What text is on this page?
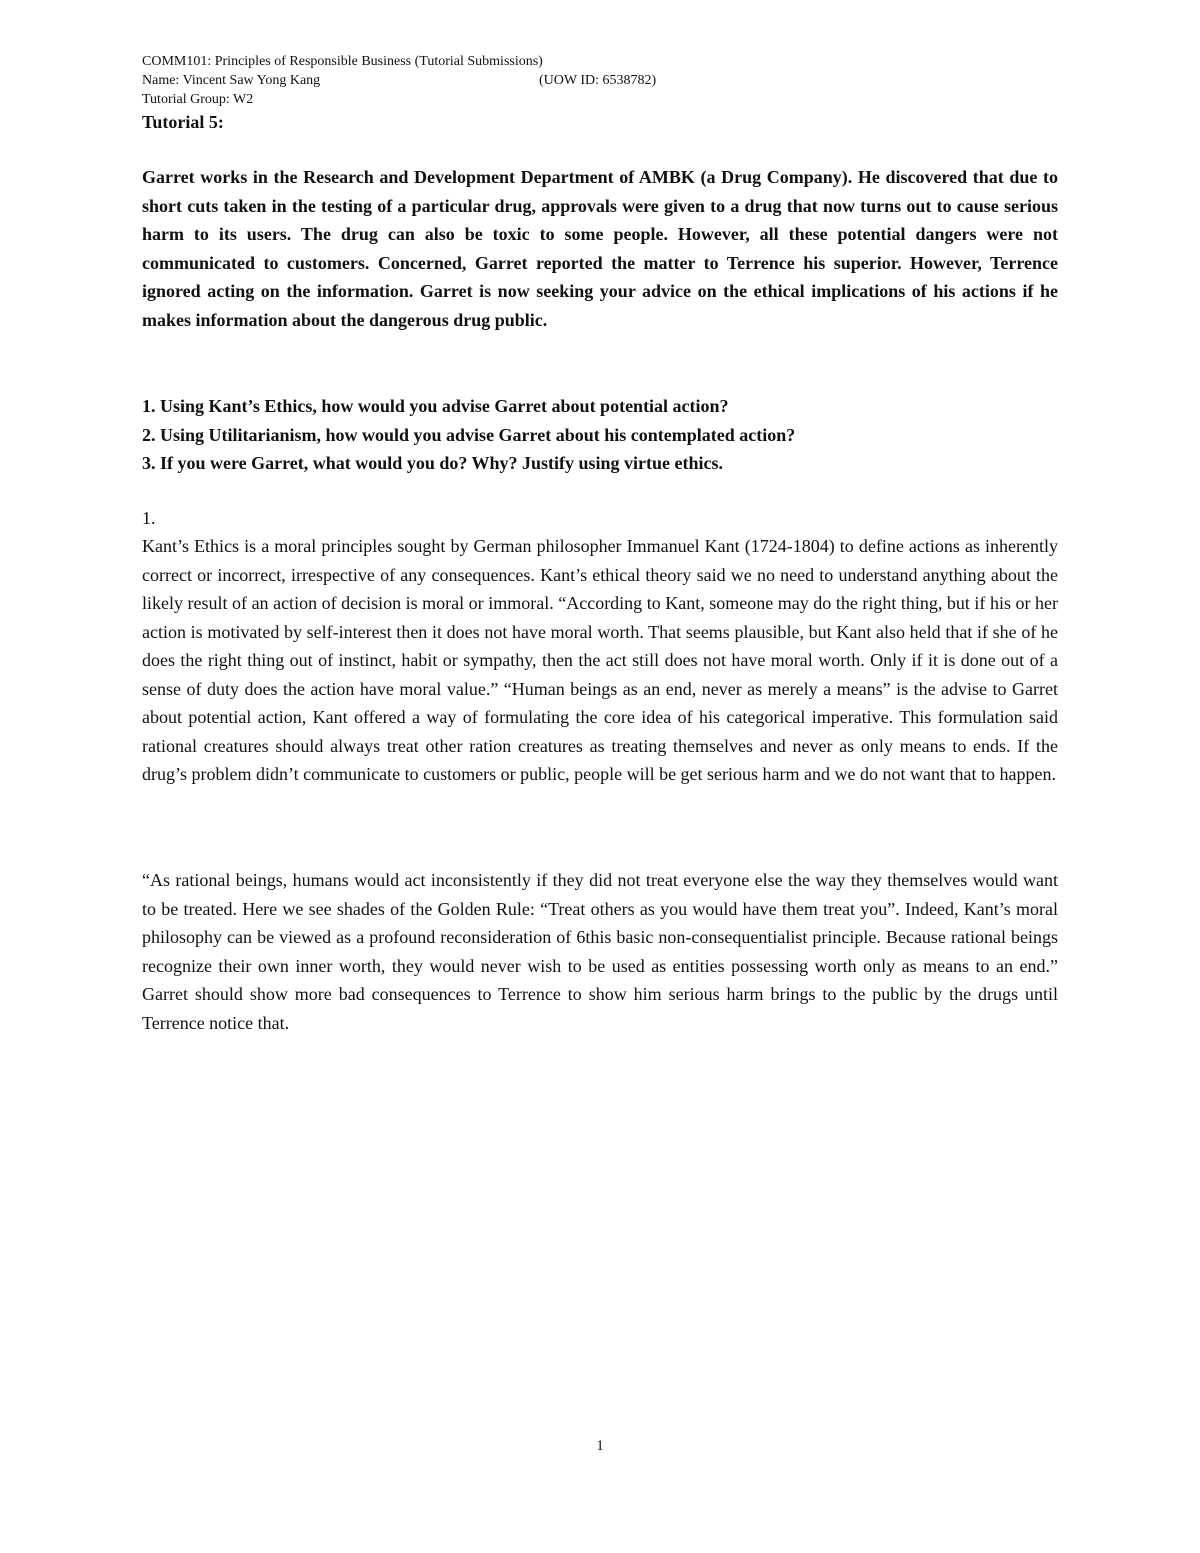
COMM101: Principles of Responsible Business (Tutorial Submissions)
Name: Vincent Saw Yong Kang	(UOW ID: 6538782)
Tutorial Group: W2
Tutorial 5:
Garret works in the Research and Development Department of AMBK (a Drug Company). He discovered that due to short cuts taken in the testing of a particular drug, approvals were given to a drug that now turns out to cause serious harm to its users. The drug can also be toxic to some people. However, all these potential dangers were not communicated to customers. Concerned, Garret reported the matter to Terrence his superior. However, Terrence ignored acting on the information. Garret is now seeking your advice on the ethical implications of his actions if he makes information about the dangerous drug public.
1. Using Kant’s Ethics, how would you advise Garret about potential action?
2. Using Utilitarianism, how would you advise Garret about his contemplated action?
3. If you were Garret, what would you do? Why? Justify using virtue ethics.
1.

Kant’s Ethics is a moral principles sought by German philosopher Immanuel Kant (1724-1804) to define actions as inherently correct or incorrect, irrespective of any consequences. Kant’s ethical theory said we no need to understand anything about the likely result of an action of decision is moral or immoral. “According to Kant, someone may do the right thing, but if his or her action is motivated by self-interest then it does not have moral worth. That seems plausible, but Kant also held that if she of he does the right thing out of instinct, habit or sympathy, then the act still does not have moral worth. Only if it is done out of a sense of duty does the action have moral value.” “Human beings as an end, never as merely a means” is the advise to Garret about potential action, Kant offered a way of formulating the core idea of his categorical imperative. This formulation said rational creatures should always treat other ration creatures as treating themselves and never as only means to ends. If the drug’s problem didn’t communicate to customers or public, people will be get serious harm and we do not want that to happen.

“As rational beings, humans would act inconsistently if they did not treat everyone else the way they themselves would want to be treated. Here we see shades of the Golden Rule: “Treat others as you would have them treat you”. Indeed, Kant’s moral philosophy can be viewed as a profound reconsideration of 6this basic non-consequentialist principle. Because rational beings recognize their own inner worth, they would never wish to be used as entities possessing worth only as means to an end.” Garret should show more bad consequences to Terrence to show him serious harm brings to the public by the drugs until Terrence notice that.

1
